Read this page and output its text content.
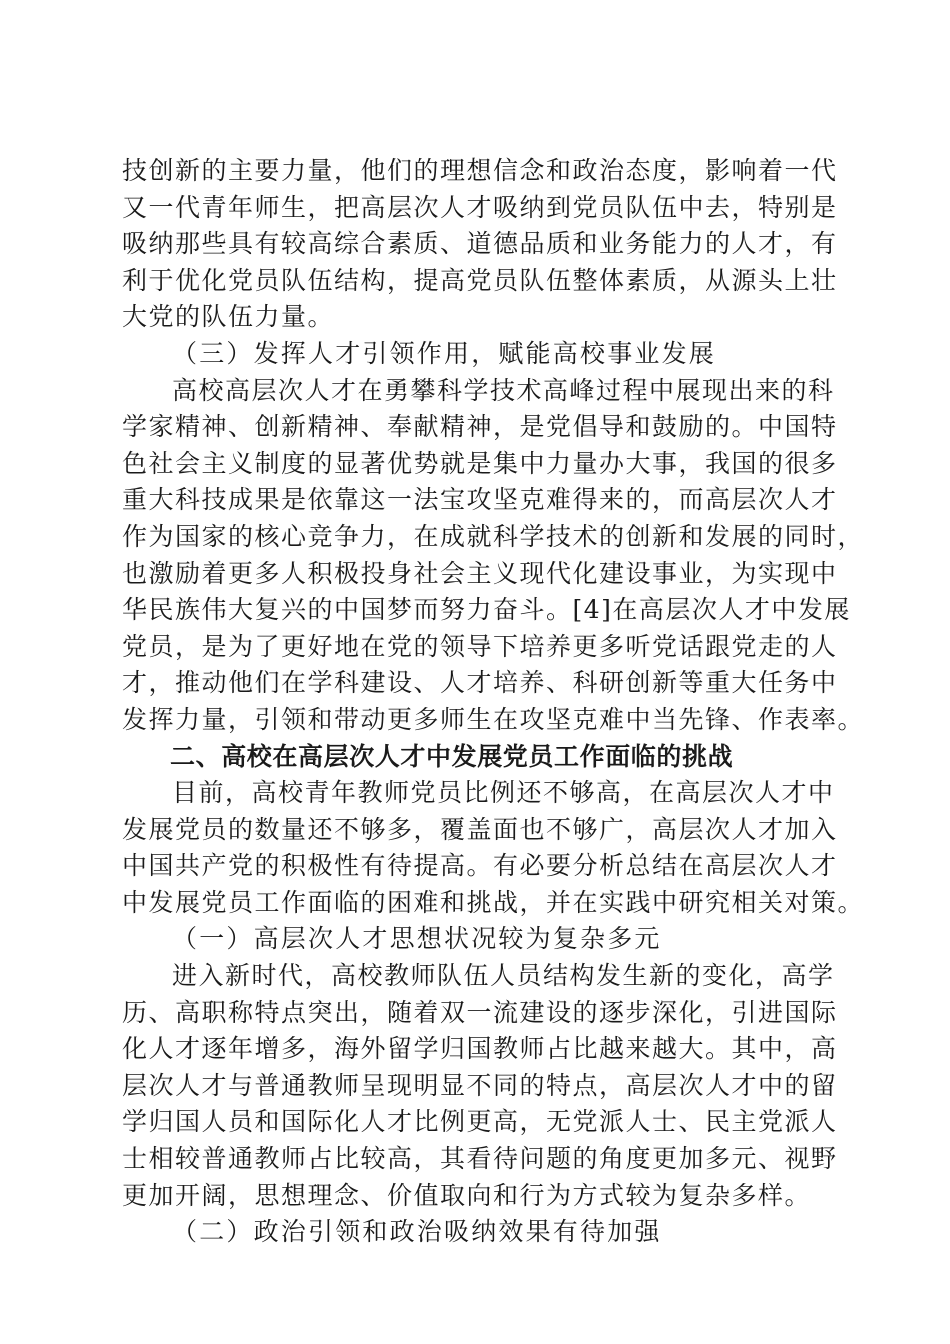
技创新的主要力量，他们的理想信念和政治态度，影响着一代
又一代青年师生，把高层次人才吸纳到党员队伍中去，特别是
吸纳那些具有较高综合素质、道德品质和业务能力的人才，有
利于优化党员队伍结构，提高党员队伍整体素质，从源头上壮
大党的队伍力量。
（三）发挥人才引领作用，赋能高校事业发展
高校高层次人才在勇攀科学技术高峰过程中展现出来的科
学家精神、创新精神、奉献精神，是党倡导和鼓励的。中国特
色社会主义制度的显著优势就是集中力量办大事，我国的很多
重大科技成果是依靠这一法宝攻坚克难得来的，而高层次人才
作为国家的核心竞争力，在成就科学技术的创新和发展的同时，
也激励着更多人积极投身社会主义现代化建设事业，为实现中
华民族伟大复兴的中国梦而努力奋斗。[4]在高层次人才中发展
党员，是为了更好地在党的领导下培养更多听党话跟党走的人
才，推动他们在学科建设、人才培养、科研创新等重大任务中
发挥力量，引领和带动更多师生在攻坚克难中当先锋、作表率。
二、高校在高层次人才中发展党员工作面临的挑战
目前，高校青年教师党员比例还不够高，在高层次人才中
发展党员的数量还不够多，覆盖面也不够广，高层次人才加入
中国共产党的积极性有待提高。有必要分析总结在高层次人才
中发展党员工作面临的困难和挑战，并在实践中研究相关对策。
（一）高层次人才思想状况较为复杂多元
进入新时代，高校教师队伍人员结构发生新的变化，高学
历、高职称特点突出，随着双一流建设的逐步深化，引进国际
化人才逐年增多，海外留学归国教师占比越来越大。其中，高
层次人才与普通教师呈现明显不同的特点，高层次人才中的留
学归国人员和国际化人才比例更高，无党派人士、民主党派人
士相较普通教师占比较高，其看待问题的角度更加多元、视野
更加开阔，思想理念、价值取向和行为方式较为复杂多样。
（二）政治引领和政治吸纳效果有待加强
